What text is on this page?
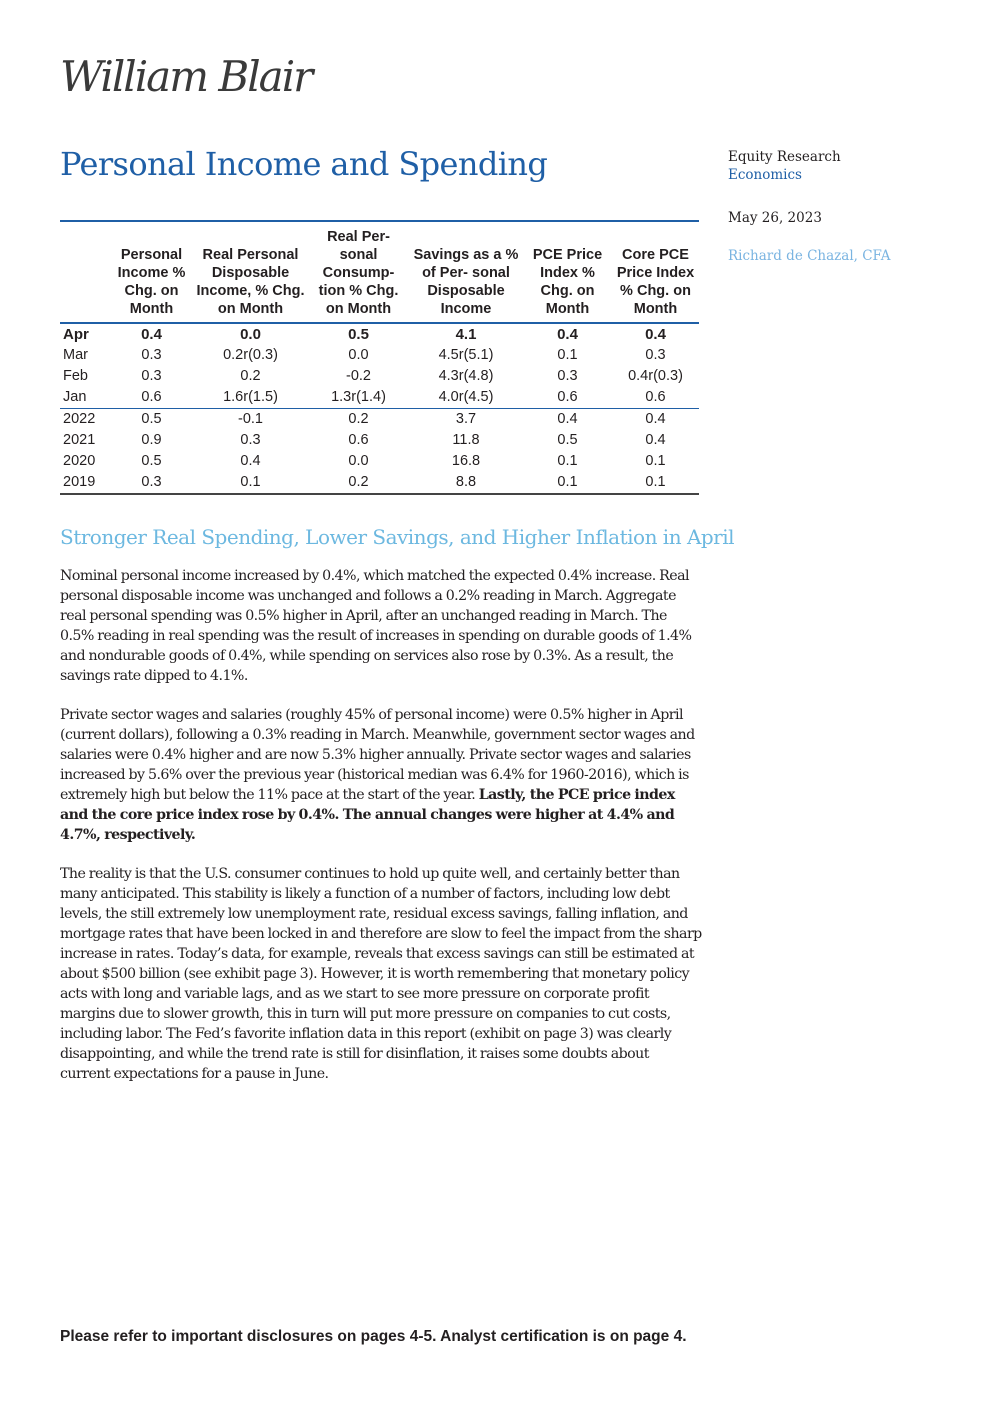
William Blair
Personal Income and Spending	Equity Research
Economics
May 26, 2023
Richard de Chazal, CFA
	Personal Income % Chg. on Month	Real Personal Disposable Income, % Chg. on Month	Real Per- sonal Consump- tion % Chg. on Month	Savings as a % of Per- sonal Disposable Income	PCE Price Index % Chg. on Month	Core PCE Price Index % Chg. on Month
Apr	0.4	0.0	0.5	4.1	0.4	0.4
Mar	0.3	0.2r(0.3)	0.0	4.5r(5.1)	0.1	0.3
Feb	0.3	0.2	-0.2	4.3r(4.8)	0.3	0.4r(0.3)
Jan	0.6	1.6r(1.5)	1.3r(1.4)	4.0r(4.5)	0.6	0.6
2022	0.5	-0.1	0.2	3.7	0.4	0.4
2021	0.9	0.3	0.6	11.8	0.5	0.4
2020	0.5	0.4	0.0	16.8	0.1	0.1
2019	0.3	0.1	0.2	8.8	0.1	0.1
Stronger Real Spending, Lower Savings, and Higher Inflation in April

Nominal personal income increased by 0.4%, which matched the expected 0.4% increase. Real personal disposable income was unchanged and follows a 0.2% reading in March. Aggregate real personal spending was 0.5% higher in April, after an unchanged reading in March. The 0.5% reading in real spending was the result of increases in spending on durable goods of 1.4% and nondurable goods of 0.4%, while spending on services also rose by 0.3%. As a result, the savings rate dipped to 4.1%.

Private sector wages and salaries (roughly 45% of personal income) were 0.5% higher in April (current dollars), following a 0.3% reading in March. Meanwhile, government sector wages and salaries were 0.4% higher and are now 5.3% higher annually. Private sector wages and salaries increased by 5.6% over the previous year (historical median was 6.4% for 1960-2016), which is extremely high but below the 11% pace at the start of the year. Lastly, the PCE price index and the core price index rose by 0.4%. The annual changes were higher at 4.4% and 4.7%, respectively.

The reality is that the U.S. consumer continues to hold up quite well, and certainly better than many anticipated. This stability is likely a function of a number of factors, including low debt levels, the still extremely low unemployment rate, residual excess savings, falling inflation, and mortgage rates that have been locked in and therefore are slow to feel the impact from the sharp increase in rates. Today’s data, for example, reveals that excess savings can still be estimated at about $500 billion (see exhibit page 3). However, it is worth remembering that monetary policy acts with long and variable lags, and as we start to see more pressure on corporate profit margins due to slower growth, this in turn will put more pressure on companies to cut costs, including labor. The Fed’s favorite inflation data in this report (exhibit on page 3) was clearly disappointing, and while the trend rate is still for disinflation, it raises some doubts about current expectations for a pause in June.

Please refer to important disclosures on pages 4-5. Analyst certification is on page 4.
